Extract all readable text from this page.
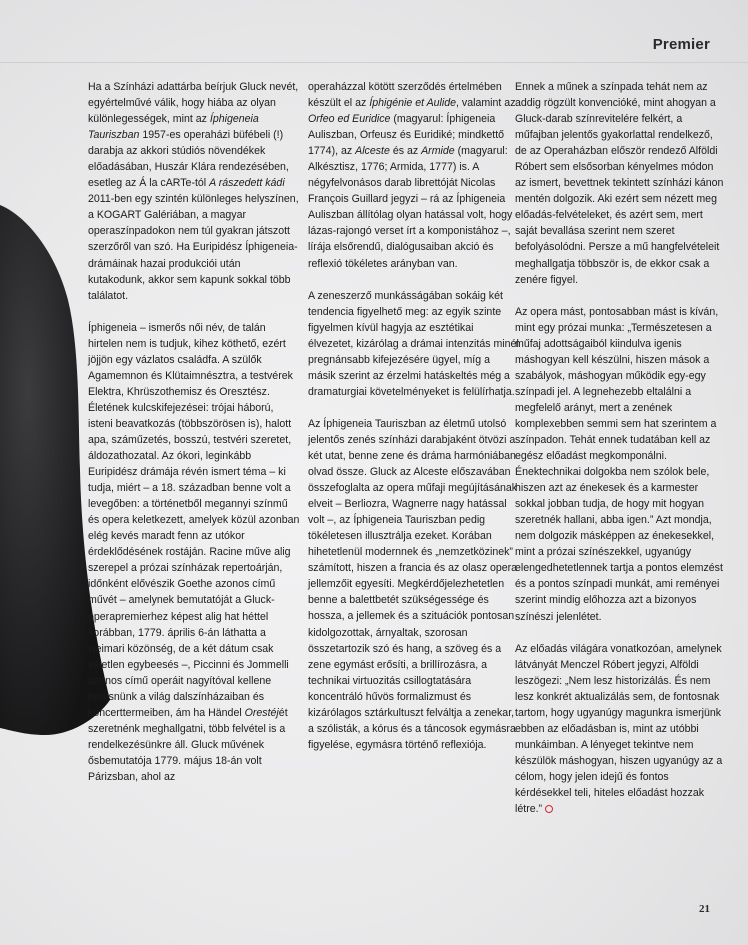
Premier

Ha a Színházi adattárba beírjuk Gluck nevét, egyértelművé válik, hogy hiába az olyan különlegességek, mint az Íphigeneia Tauriszban 1957-es operaházi büfébeli (!) darabja az akkori stúdiós növendékek előadásában, Huszár Klára rendezésében, esetleg az Á la cARTe-tól A rászedett kádi 2011-ben egy szintén különleges helyszínen, a KOGART Galériában, a magyar operaszínpadokon nem túl gyakran játszott szerzőről van szó. Ha Euripidész Íphigeneia-drámáinak hazai produkciói után kutakodunk, akkor sem kapunk sokkal több találatot.

Íphigeneia – ismerős női név, de talán hirtelen nem is tudjuk, kihez köthető, ezért jöjjön egy vázlatos családfa. A szülők Agamemnon és Klütaimnésztra, a testvérek Elektra, Khrüszothemisz és Oresztész. Életének kulcskifejezései: trójai háború, isteni beavatkozás (többszörösen is), halott apa, száműzetés, bosszú, testvéri szeretet, áldozathozatal. Az ókori, leginkább Euripidész drámája révén ismert téma – ki tudja, miért – a 18. században benne volt a levegőben: a történetből megannyi színmű és opera keletkezett, amelyek közül azonban elég kevés maradt fenn az utókor érdeklődésének rostáján. Racine műve alig szerepel a prózai színházak repertoárján, időnként elővészik Goethe azonos című művét – amelynek bemutatóját a Gluck-operapremierhez képest alig hat héttel korábban, 1779. április 6-án láthatta a weimari közönség, de a két dátum csak véletlen egybeesés –, Piccinni és Jommelli azonos című operáit nagyítóval kellene keresnünk a világ dalszínházaiban és koncerttermeiben, ám ha Händel Orestéjét szeretnénk meghallgatni, több felvétel is a rendelkezésünkre áll. Gluck művének ősbemutatója 1779. május 18-án volt Párizsban, ahol az

operaházzal kötött szerződés értelmében készült el az Íphigénie et Aulide, valamint az Orfeo ed Euridice (magyarul: Íphigeneia Auliszban, Orfeusz és Euridiké; mindkettő 1774), az Alceste és az Armide (magyarul: Alkésztisz, 1776; Armida, 1777) is. A négyfelvonásos darab librettóját Nicolas François Guillard jegyzi – rá az Íphigeneia Auliszban állítólag olyan hatással volt, hogy lázas-rajongó verset írt a komponistához –, lírája elsőrendű, dialógusaiban akció és reflexió tökéletes arányban van.

A zeneszerző munkásságában sokáig két tendencia figyelhető meg: az egyik szinte figyelmen kívül hagyja az esztétikai élvezetet, kizárólag a drámai intenzitás minél pregnánsabb kifejezésére ügyel, míg a másik szerint az érzelmi hatáskeltés még a dramaturgiai követelményeket is felülírhatja.

Az Íphigeneia Tauriszban az életmű utolsó jelentős zenés színházi darabjaként ötvözi a két utat, benne zene és dráma harmóniában olvad össze. Gluck az Alceste előszavában összefoglalta az opera műfaji megújításának elveit – Berliozra, Wagnerre nagy hatással volt –, az Íphigeneia Tauriszban pedig tökéletesen illusztrálja ezeket. Korában hihetetlenül modernnek és „nemzetközinek” számított, hiszen a francia és az olasz opera jellemzőit egyesíti. Megkérdőjelezhetetlen benne a balettbetét szükségessége és hossza, a jellemek és a szituációk pontosan kidolgozottak, árnyaltak, szorosan összetartozik szó és hang, a szöveg és a zene egymást erősíti, a brillírozásra, a technikai virtuozitás csillogtatására koncentráló hűvös formalizmust és kizárólagos sztárkultuszt felváltja a zenekar, a szólisták, a kórus és a táncosok egymásra figyelése, egymásra történő reflexiója.

Ennek a műnek a színpada tehát nem az addig rögzült konvencióké, mint ahogyan a Gluck-darab színrevitelére felkért, a műfajban jelentős gyakorlattal rendelkező, de az Operaházban először rendező Alföldi Róbert sem elsősorban kényelmes módon az ismert, bevettnek tekintett színházi kánon mentén dolgozik. Aki ezért sem nézett meg előadás-felvételeket, és azért sem, mert saját bevallása szerint nem szeret befolyásolódni. Persze a mű hangfelvételeit meghallgatja többször is, de ekkor csak a zenére figyel.

Az opera mást, pontosabban mást is kíván, mint egy prózai munka: „Természetesen a műfaj adottságaiból kiindulva igenis máshogyan kell készülni, hiszen mások a szabályok, máshogyan működik egy-egy színpadi jel. A legnehezebb eltalálni a megfelelő arányt, mert a zenének komplexebben semmi sem hat szerintem a színpadon. Tehát ennek tudatában kell az egész előadást megkomponálni. Énektechnikai dolgokba nem szólok bele, hiszen azt az énekesek és a karmester sokkal jobban tudja, de hogy mit hogyan szeretnék hallani, abba igen.” Azt mondja, nem dolgozik másképpen az énekesekkel, mint a prózai színészekkel, ugyanúgy elengedhetetlennek tartja a pontos elemzést és a pontos színpadi munkát, ami reményei szerint mindig előhozza azt a bizonyos színészi jelenlétet.

Az előadás világára vonatkozóan, amelynek látványát Menczel Róbert jegyzi, Alföldi leszögezi: „Nem lesz historizálás. És nem lesz konkrét aktualizálás sem, de fontosnak tartom, hogy ugyanúgy magunkra ismerjünk ebben az előadásban is, mint az utóbbi munkáimban. A lényeget tekintve nem készülök máshogyan, hiszen ugyanúgy az a célom, hogy jelen idejű és fontos kérdésekkel teli, hiteles előadást hozzak létre.”

21
